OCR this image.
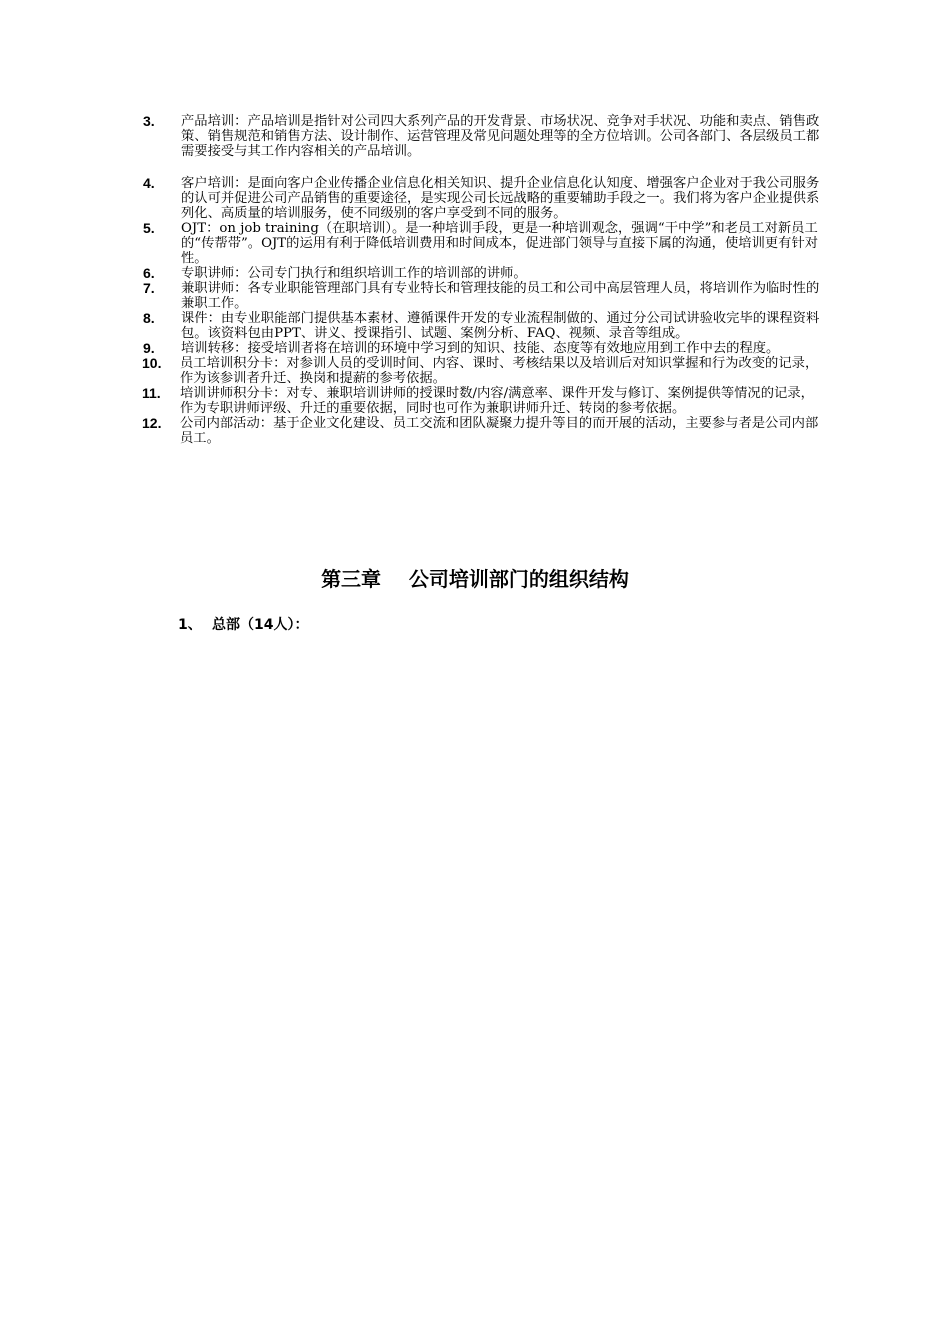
3.	产品培训：产品培训是指针对公司四大系列产品的开发背景、市场状况、竞争对手状况、功能和卖点、销售政策、销售规范和销售方法、设计制作、运营管理及常见问题处理等的全方位培训。公司各部门、各层级员工都需要接受与其工作内容相关的产品培训。
4.	客户培训：是面向客户企业传播企业信息化相关知识、提升企业信息化认知度、增强客户企业对于我公司服务的认可并促进公司产品销售的重要途径，是实现公司长远战略的重要辅助手段之一。我们将为客户企业提供系列化、高质量的培训服务，使不同级别的客户享受到不同的服务。
5.	OJT：on job training（在职培训）。是一种培训手段，更是一种培训观念，强调“干中学”和老员工对新员工的“传帮带”。OJT的运用有利于降低培训费用和时间成本，促进部门领导与直接下属的沟通，使培训更有针对性。
6.	专职讲师：公司专门执行和组织培训工作的培训部的讲师。
7.	兼职讲师：各专业职能管理部门具有专业特长和管理技能的员工和公司中高层管理人员，将培训作为临时性的兼职工作。
8.	课件：由专业职能部门提供基本素材、遵循课件开发的专业流程制做的、通过分公司试讲验收完毕的课程资料包。该资料包由PPT、讲义、授课指引、试题、案例分析、FAQ、视频、录音等组成。
9.	培训转移：接受培训者将在培训的环境中学习到的知识、技能、态度等有效地应用到工作中去的程度。
10.	员工培训积分卡：对参训人员的受训时间、内容、课时、考核结果以及培训后对知识掌握和行为改变的记录，作为该参训者升迁、换岗和提薪的参考依据。
11.	培训讲师积分卡：对专、兼职培训讲师的授课时数/内容/满意率、课件开发与修订、案例提供等情况的记录，作为专职讲师评级、升迁的重要依据，同时也可作为兼职讲师升迁、转岗的参考依据。
12.	公司内部活动：基于企业文化建设、员工交流和团队凝聚力提升等目的而开展的活动，主要参与者是公司内部员工。
第三章    公司培训部门的组织结构
1、 总部（14人）：
